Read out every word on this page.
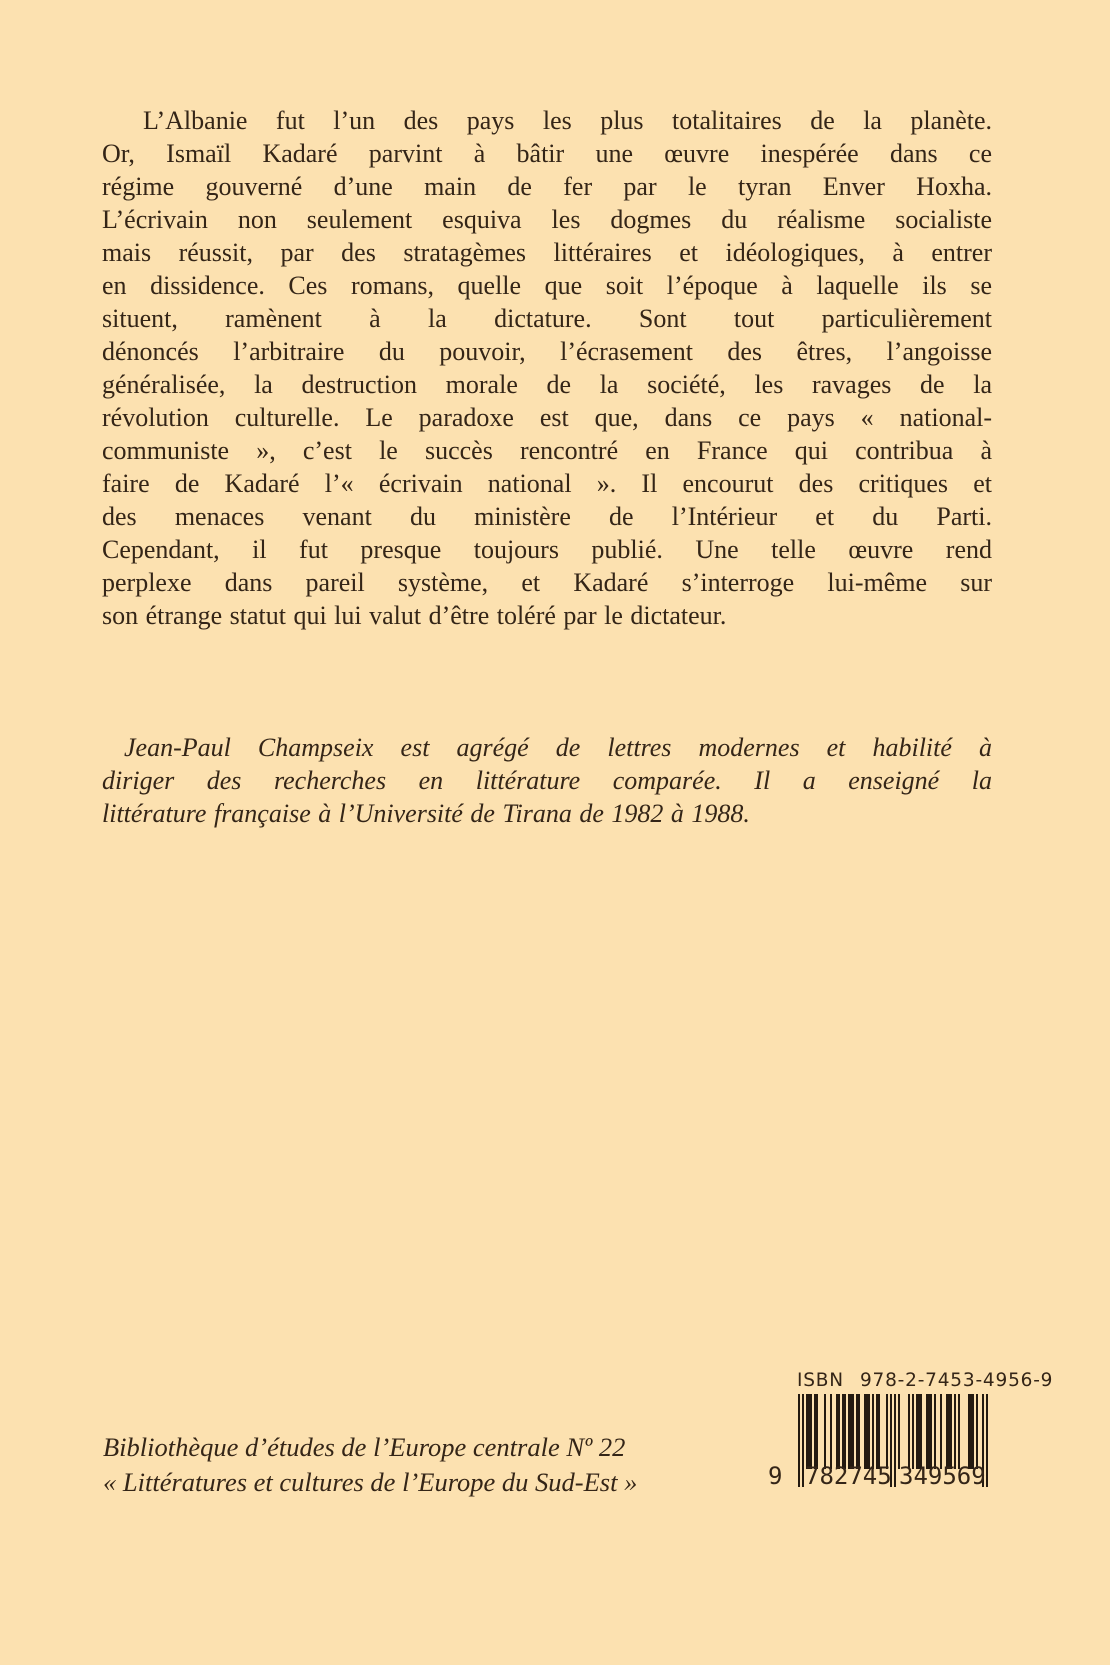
L’Albanie fut l’un des pays les plus totalitaires de la planète.
Or, Ismaïl Kadaré parvint à bâtir une œuvre inespérée dans ce
régime gouverné d’une main de fer par le tyran Enver Hoxha.
L’écrivain non seulement esquiva les dogmes du réalisme socialiste
mais réussit, par des stratagèmes littéraires et idéologiques, à entrer
en dissidence. Ces romans, quelle que soit l’époque à laquelle ils se
situent, ramènent à la dictature. Sont tout particulièrement
dénoncés l’arbitraire du pouvoir, l’écrasement des êtres, l’angoisse
généralisée, la destruction morale de la société, les ravages de la
révolution culturelle. Le paradoxe est que, dans ce pays « national-
communiste », c’est le succès rencontré en France qui contribua à
faire de Kadaré l’« écrivain national ». Il encourut des critiques et
des menaces venant du ministère de l’Intérieur et du Parti.
Cependant, il fut presque toujours publié. Une telle œuvre rend
perplexe dans pareil système, et Kadaré s’interroge lui-même sur
son étrange statut qui lui valut d’être toléré par le dictateur.
Jean-Paul Champseix est agrégé de lettres modernes et habilité à
diriger des recherches en littérature comparée. Il a enseigné la
littérature française à l’Université de Tirana de 1982 à 1988.
Bibliothèque d’études de l’Europe centrale Nº 22
« Littératures et cultures de l’Europe du Sud-Est »
ISBN 978-2-7453-4956-9
9 782745 349569
